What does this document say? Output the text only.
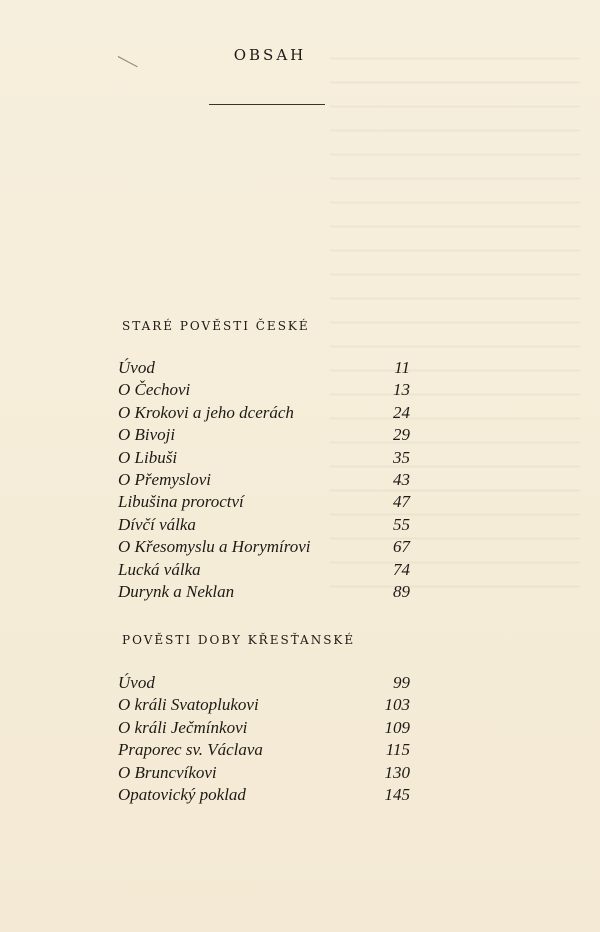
OBSAH
STARÉ POVĚSTI ČESKÉ
Úvod	11
O Čechovi	13
O Krokovi a jeho dcerách	24
O Bivoji	29
O Libuši	35
O Přemyslovi	43
Libušina proroctví	47
Dívčí válka	55
O Křesomyslu a Horymírovi	67
Lucká válka	74
Durynk a Neklan	89
POVĚSTI DOBY KŘESŤANSKÉ
Úvod	99
O králi Svatoplukovi	103
O králi Ječmínkovi	109
Praporec sv. Václava	115
O Bruncvíkovi	130
Opatovický poklad	145
